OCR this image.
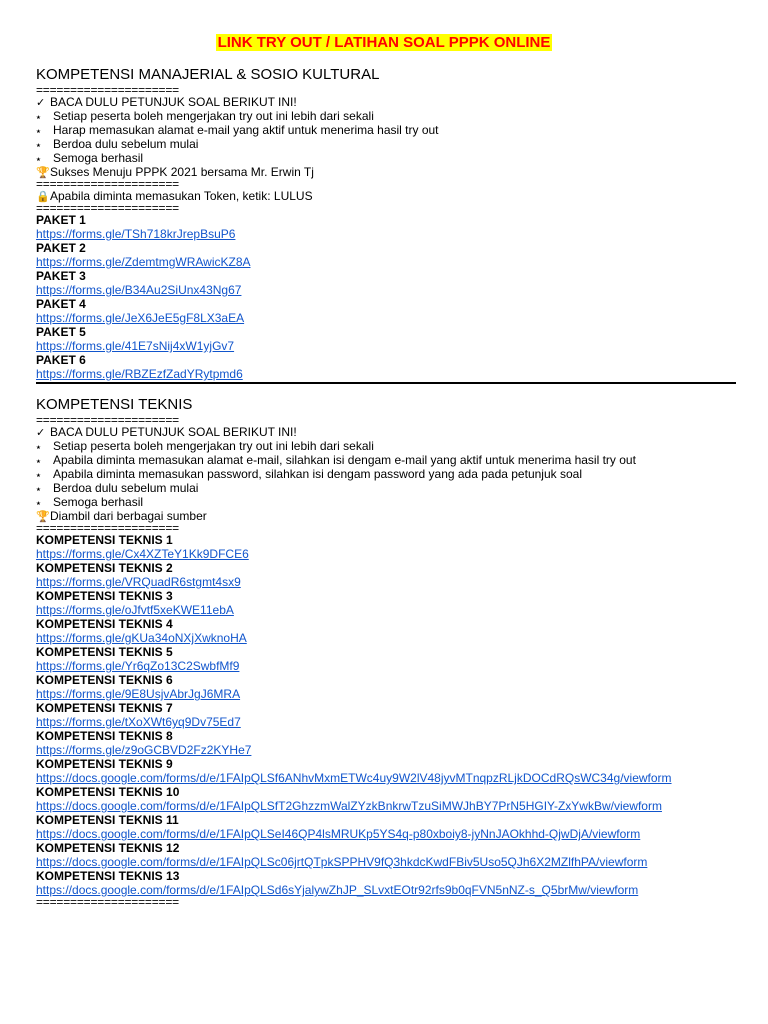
LINK TRY OUT / LATIHAN SOAL PPPK ONLINE
KOMPETENSI MANAJERIAL & SOSIO KULTURAL
=====================
✓ BACA DULU PETUNJUK SOAL BERIKUT INI!
⭑ Setiap peserta boleh mengerjakan try out ini lebih dari sekali
⭑ Harap memasukan alamat e-mail yang aktif untuk menerima hasil try out
⭑ Berdoa dulu sebelum mulai
⭑ Semoga berhasil
🏆Sukses Menuju PPPK 2021 bersama Mr. Erwin Tj
=====================
🔒Apabila diminta memasukan Token, ketik: LULUS
=====================
PAKET 1
https://forms.gle/TSh718krJrepBsuP6
PAKET 2
https://forms.gle/ZdemtmgWRAwicKZ8A
PAKET 3
https://forms.gle/B34Au2SiUnx43Ng67
PAKET 4
https://forms.gle/JeX6JeE5gF8LX3aEA
PAKET 5
https://forms.gle/41E7sNij4xW1yjGv7
PAKET 6
https://forms.gle/RBZEzfZadYRytpmd6
KOMPETENSI TEKNIS
=====================
✓ BACA DULU PETUNJUK SOAL BERIKUT INI!
⭑ Setiap peserta boleh mengerjakan try out ini lebih dari sekali
⭑ Apabila diminta memasukan alamat e-mail, silahkan isi dengam e-mail yang aktif untuk menerima hasil try out
⭑ Apabila diminta memasukan password, silahkan isi dengam password yang ada pada petunjuk soal
⭑ Berdoa dulu sebelum mulai
⭑ Semoga berhasil
🏆Diambil dari berbagai sumber
=====================
KOMPETENSI TEKNIS 1
https://forms.gle/Cx4XZTeY1Kk9DFCE6
KOMPETENSI TEKNIS 2
https://forms.gle/VRQuadR6stgmt4sx9
KOMPETENSI TEKNIS 3
https://forms.gle/oJfvtf5xeKWE11ebA
KOMPETENSI TEKNIS 4
https://forms.gle/gKUa34oNXjXwknoHA
KOMPETENSI TEKNIS 5
https://forms.gle/Yr6qZo13C2SwbfMf9
KOMPETENSI TEKNIS 6
https://forms.gle/9E8UsjvAbrJgJ6MRA
KOMPETENSI TEKNIS 7
https://forms.gle/tXoXWt6yq9Dv75Ed7
KOMPETENSI TEKNIS 8
https://forms.gle/z9oGCBVD2Fz2KYHe7
KOMPETENSI TEKNIS 9
https://docs.google.com/forms/d/e/1FAIpQLSf6ANhvMxmETWc4uy9W2lV48jyvMTnqpzRLjkDOCdRQsWC34g/viewform
KOMPETENSI TEKNIS 10
https://docs.google.com/forms/d/e/1FAIpQLSfT2GhzzmWalZYzkBnkrwTzuSiMWJhBY7PrN5HGIY-ZxYwkBw/viewform
KOMPETENSI TEKNIS 11
https://docs.google.com/forms/d/e/1FAIpQLSeI46QP4lsMRUKp5YS4q-p80xboiy8-jyNnJAOkhhd-QjwDjA/viewform
KOMPETENSI TEKNIS 12
https://docs.google.com/forms/d/e/1FAIpQLSc06jrtQTpkSPPHV9fQ3hkdcKwdFBiv5Uso5QJh6X2MZlfhPA/viewform
KOMPETENSI TEKNIS 13
https://docs.google.com/forms/d/e/1FAIpQLSd6sYjalywZhJP_SLvxtEOtr92rfs9b0qFVN5nNZ-s_Q5brMw/viewform
=====================
